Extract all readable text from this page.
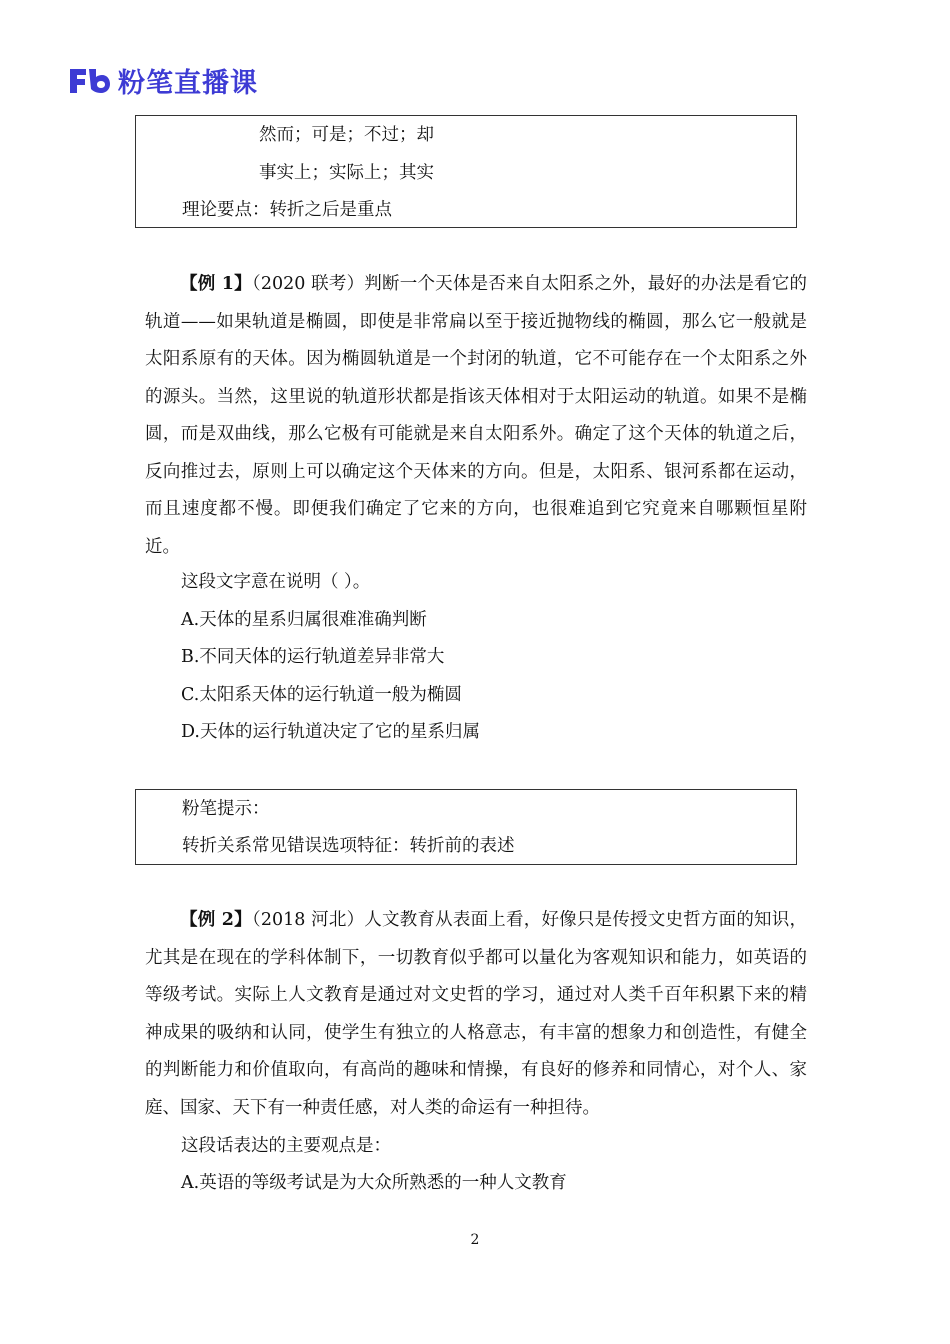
粉笔直播课
然而；可是；不过；却
事实上；实际上；其实
理论要点：转折之后是重点

【例 1】（2020 联考）判断一个天体是否来自太阳系之外，最好的办法是看它的轨道——如果轨道是椭圆，即使是非常扁以至于接近抛物线的椭圆，那么它一般就是太阳系原有的天体。因为椭圆轨道是一个封闭的轨道，它不可能存在一个太阳系之外的源头。当然，这里说的轨道形状都是指该天体相对于太阳运动的轨道。如果不是椭圆，而是双曲线，那么它极有可能就是来自太阳系外。确定了这个天体的轨道之后，反向推过去，原则上可以确定这个天体来的方向。但是，太阳系、银河系都在运动，而且速度都不慢。即便我们确定了它来的方向，也很难追到它究竟来自哪颗恒星附近。

这段文字意在说明（ ）。
A.天体的星系归属很难准确判断
B.不同天体的运行轨道差异非常大
C.太阳系天体的运行轨道一般为椭圆
D.天体的运行轨道决定了它的星系归属
粉笔提示：
转折关系常见错误选项特征：转折前的表述

【例 2】（2018 河北）人文教育从表面上看，好像只是传授文史哲方面的知识，尤其是在现在的学科体制下，一切教育似乎都可以量化为客观知识和能力，如英语的等级考试。实际上人文教育是通过对文史哲的学习，通过对人类千百年积累下来的精神成果的吸纳和认同，使学生有独立的人格意志，有丰富的想象力和创造性，有健全的判断能力和价值取向，有高尚的趣味和情操，有良好的修养和同情心，对个人、家庭、国家、天下有一种责任感，对人类的命运有一种担待。

这段话表达的主要观点是：
A.英语的等级考试是为大众所熟悉的一种人文教育
2
